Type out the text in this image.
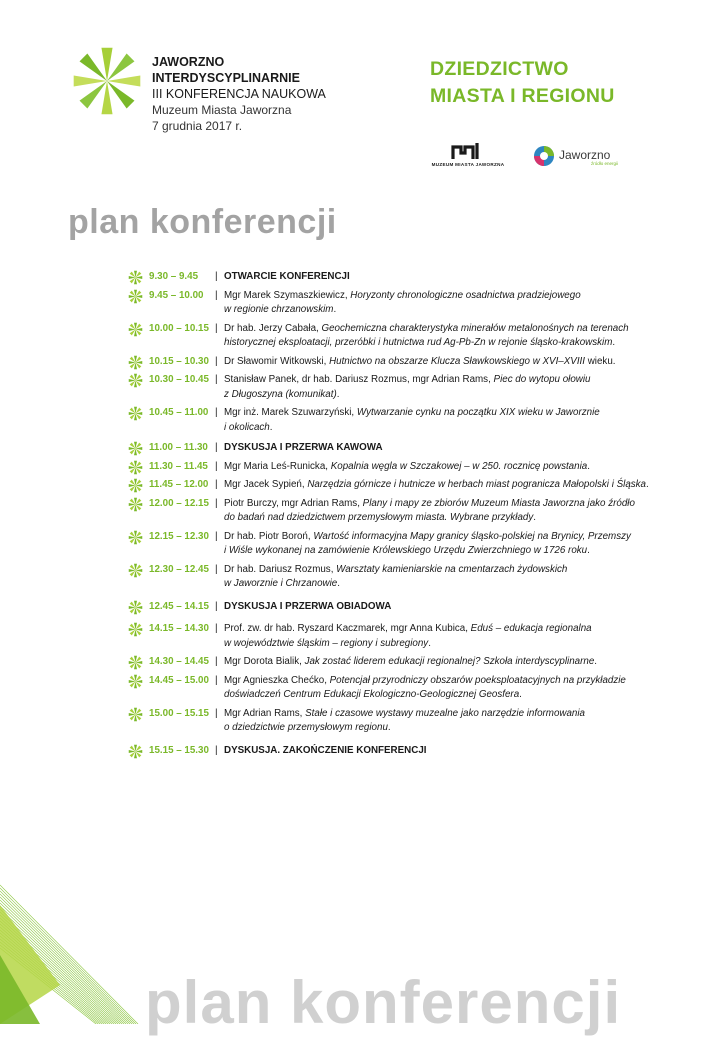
JAWORZNO
INTERDYSCYPLINARNIE
III KONFERENCJA NAUKOWA
Muzeum Miasta Jaworzna
7 grudnia 2017 r.
DZIEDZICTWO
MIASTA I REGIONU
MUZEUM MIASTA JAWORZNA
Jaworzno
źródło energii
plan konferencji
9.30 – 9.45	| OTWARCIE KONFERENCJI
9.45 – 10.00	| Mgr Marek Szymaszkiewicz, Horyzonty chronologiczne osadnictwa pradziejowego
w regionie chrzanowskim.
10.00 – 10.15 | Dr hab. Jerzy Cabała, Geochemiczna charakterystyka minerałów metalonośnych na terenach
historycznej eksploatacji, przeróbki i hutnictwa rud Ag-Pb-Zn w rejonie śląsko-krakowskim.
10.15 – 10.30 | Dr Sławomir Witkowski, Hutnictwo na obszarze Klucza Sławkowskiego w XVI–XVIII wieku.
10.30 – 10.45 | Stanisław Panek, dr hab. Dariusz Rozmus, mgr Adrian Rams, Piec do wytopu ołowiu
z Długoszyna (komunikat).
10.45 – 11.00 | Mgr inż. Marek Szuwarzyński, Wytwarzanie cynku na początku XIX wieku w Jaworznie
i okolicach.
11.00 – 11.30 | DYSKUSJA I PRZERWA KAWOWA
11.30 – 11.45 | Mgr Maria Leś-Runicka, Kopalnia węgla w Szczakowej – w 250. rocznicę powstania.
11.45 – 12.00 | Mgr Jacek Sypień, Narzędzia górnicze i hutnicze w herbach miast pogranicza Małopolski i Śląska.
12.00 – 12.15 | Piotr Burczy, mgr Adrian Rams, Plany i mapy ze zbiorów Muzeum Miasta Jaworzna jako źródło
do badań nad dziedzictwem przemysłowym miasta. Wybrane przykłady.
12.15 – 12.30 | Dr hab. Piotr Boroń, Wartość informacyjna Mapy granicy śląsko-polskiej na Brynicy, Przemszy
i Wiśle wykonanej na zamówienie Królewskiego Urzędu Zwierzchniego w 1726 roku.
12.30 – 12.45 | Dr hab. Dariusz Rozmus, Warsztaty kamieniarskie na cmentarzach żydowskich
w Jaworznie i Chrzanowie.
12.45 – 14.15 | DYSKUSJA I PRZERWA OBIADOWA
14.15 – 14.30 | Prof. zw. dr hab. Ryszard Kaczmarek, mgr Anna Kubica, Eduś – edukacja regionalna
w województwie śląskim – regiony i subregiony.
14.30 – 14.45 | Mgr Dorota Bialik, Jak zostać liderem edukacji regionalnej? Szkoła interdyscyplinarne.
14.45 – 15.00 | Mgr Agnieszka Chećko, Potencjał przyrodniczy obszarów poeksploatacyjnych na przykładzie
doświadczeń Centrum Edukacji Ekologiczno-Geologicznej Geosfera.
15.00 – 15.15 | Mgr Adrian Rams, Stałe i czasowe wystawy muzealne jako narzędzie informowania
o dziedzictwie przemysłowym regionu.
15.15 – 15.30 | DYSKUSJA. ZAKOŃCZENIE KONFERENCJI
plan konferencji
